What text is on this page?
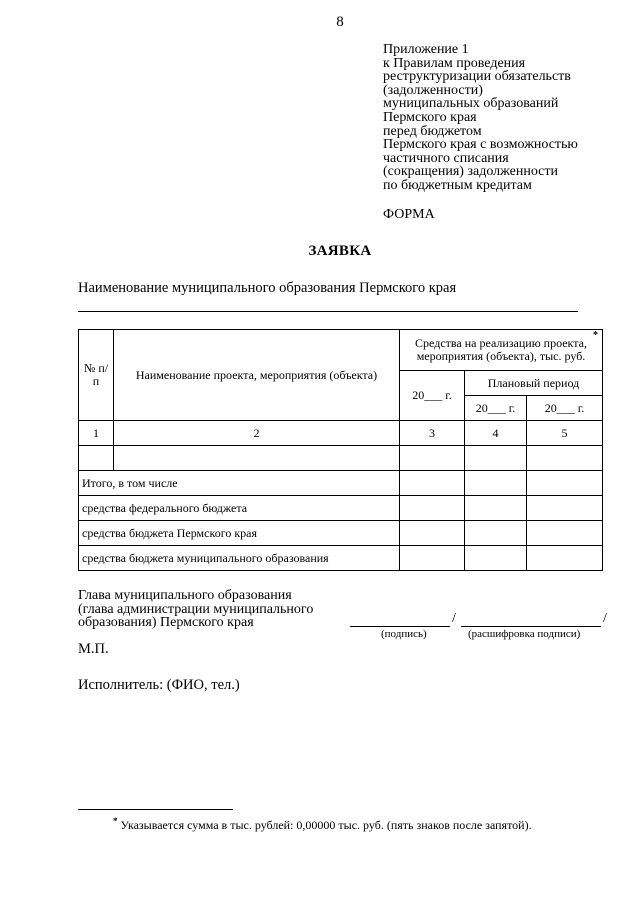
8
Приложение 1
к Правилам проведения
реструктуризации обязательств
(задолженности)
муниципальных образований
Пермского края
перед бюджетом
Пермского края с возможностью
частичного списания
(сокращения) задолженности
по бюджетным кредитам
ФОРМА
ЗАЯВКА
Наименование муниципального образования Пермского края
№ п/п	Наименование проекта, мероприятия (объекта)	Средства на реализацию проекта, мероприятия (объекта), тыс. руб.
*		

		20___ г.	Плановый период	
			20___ г.	20___ г.
1	2	3	4	5

Итого, в том числе				
средства федерального бюджета				
средства бюджета Пермского края				
средства бюджета муниципального образования				
Глава муниципального образования
(глава администрации муниципального
образования) Пермского края	/	/
(подпись)	(расшифровка подписи)
М.П.
Исполнитель: (ФИО, тел.)
* Указывается сумма в тыс. рублей: 0,00000 тыс. руб. (пять знаков после запятой).
